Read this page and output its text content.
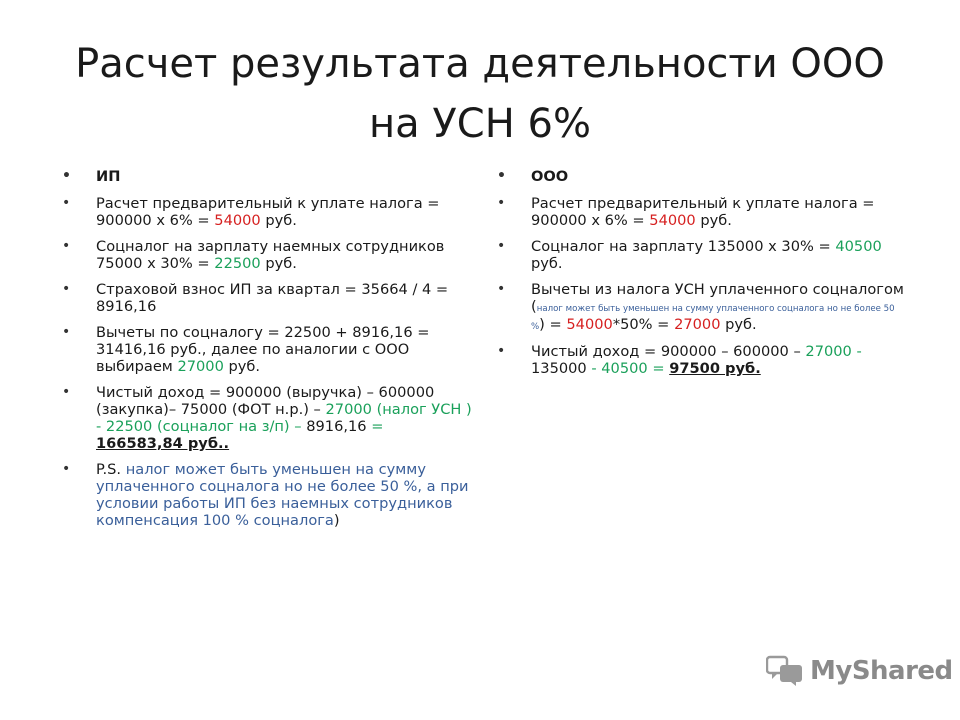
Расчет результата деятельности ООО
на УСН 6%
• ИП
• Расчет предварительный к уплате налога = 900000 х 6% = 54000 руб.
• Соцналог на зарплату наемных сотрудников 75000 х 30% = 22500 руб.
• Страховой взнос ИП за квартал = 35664 / 4 = 8916,16
• Вычеты по соцналогу = 22500 + 8916,16 = 31416,16 руб., далее по аналогии с ООО выбираем 27000 руб.
• Чистый доход = 900000 (выручка) – 600000 (закупка)– 75000 (ФОТ н.р.) – 27000 (налог УСН ) - 22500 (соцналог на з/п) – 8916,16 =
166583,84 руб..
• P.S. налог может быть уменьшен на сумму уплаченного соцналога но не более 50 %, а при условии работы ИП без наемных сотрудников компенсация 100 % соцналога)
• ООО
• Расчет предварительный к уплате налога = 900000 х 6% = 54000 руб.
• Соцналог на зарплату 135000 х 30% = 40500 руб.
• Вычеты из налога УСН уплаченного соцналогом (налог может быть уменьшен на сумму уплаченного соцналога но не более 50 %) = 54000*50% = 27000 руб.
• Чистый доход = 900000 – 600000 – 27000 - 135000 - 40500 = 97500 руб.
MyShared
